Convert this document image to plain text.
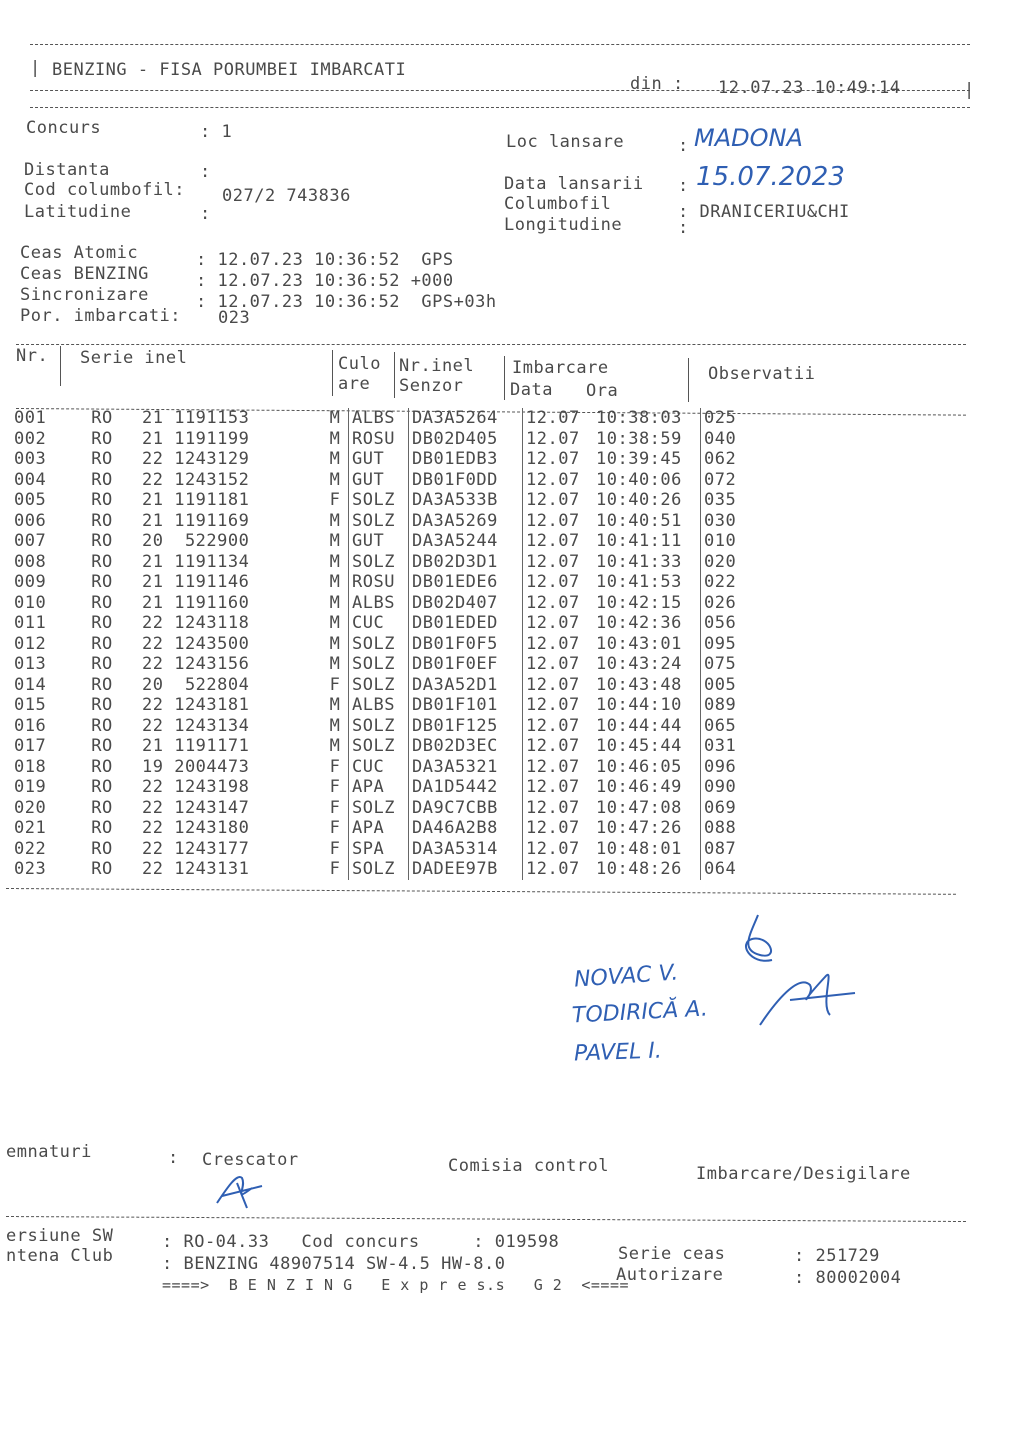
| BENZING - FISA PORUMBEI IMBARCATI
din : 12.07.23 10:49:14	|
Concurs	: 1
Distanta	:
Cod columbofil: 027/2 743836
Latitudine	:
Loc lansare	: MADONA
Data lansarii : 15.07.2023
Columbofil	: DRANICERIU&CHI
Longitudine	:
Ceas Atomic	: 12.07.23 10:36:52  GPS
Ceas BENZING	: 12.07.23 10:36:52 +000
Sincronizare	: 12.07.23 10:36:52  GPS+03h
Por. imbarcati: 023
Nr. Serie inel	Culo
are
Nr.inel
Senzor
Imbarcare
Data Ora
Observatii
001	RO	21 1191153	M	ALBS	DA3A5264	12.07	10:38:03	025
002	RO	21 1191199	M	ROSU	DB02D405	12.07	10:38:59	040
003	RO	22 1243129	M	GUT	DB01EDB3	12.07	10:39:45	062
004	RO	22 1243152	M	GUT	DB01F0DD	12.07	10:40:06	072
005	RO	21 1191181	F	SOLZ	DA3A533B	12.07	10:40:26	035
006	RO	21 1191169	M	SOLZ	DA3A5269	12.07	10:40:51	030
007	RO	20  522900	M	GUT	DA3A5244	12.07	10:41:11	010
008	RO	21 1191134	M	SOLZ	DB02D3D1	12.07	10:41:33	020
009	RO	21 1191146	M	ROSU	DB01EDE6	12.07	10:41:53	022
010	RO	21 1191160	M	ALBS	DB02D407	12.07	10:42:15	026
011	RO	22 1243118	M	CUC	DB01EDED	12.07	10:42:36	056
012	RO	22 1243500	M	SOLZ	DB01F0F5	12.07	10:43:01	095
013	RO	22 1243156	M	SOLZ	DB01F0EF	12.07	10:43:24	075
014	RO	20  522804	F	SOLZ	DA3A52D1	12.07	10:43:48	005
015	RO	22 1243181	M	ALBS	DB01F101	12.07	10:44:10	089
016	RO	22 1243134	M	SOLZ	DB01F125	12.07	10:44:44	065
017	RO	21 1191171	M	SOLZ	DB02D3EC	12.07	10:45:44	031
018	RO	19 2004473	F	CUC	DA3A5321	12.07	10:46:05	096
019	RO	22 1243198	F	APA	DA1D5442	12.07	10:46:49	090
020	RO	22 1243147	F	SOLZ	DA9C7CBB	12.07	10:47:08	069
021	RO	22 1243180	F	APA	DA46A2B8	12.07	10:47:26	088
022	RO	22 1243177	F	SPA	DA3A5314	12.07	10:48:01	087
023	RO	22 1243131	F	SOLZ	DADEE97B	12.07	10:48:26	064
NOVAC V.
TODIRICĂ A.
PAVEL I.
emnaturi	: Crescator	Comisia control	Imbarcare/Desigilare
ersiune SW
ntena Club
: RO-04.33   Cod concurs     : 019598
: BENZING 48907514 SW-4.5 HW-8.0
====>  B E N Z I N G   E x p r e s.s   G 2  <====
Serie ceas	: 251729
Autorizare	: 80002004
